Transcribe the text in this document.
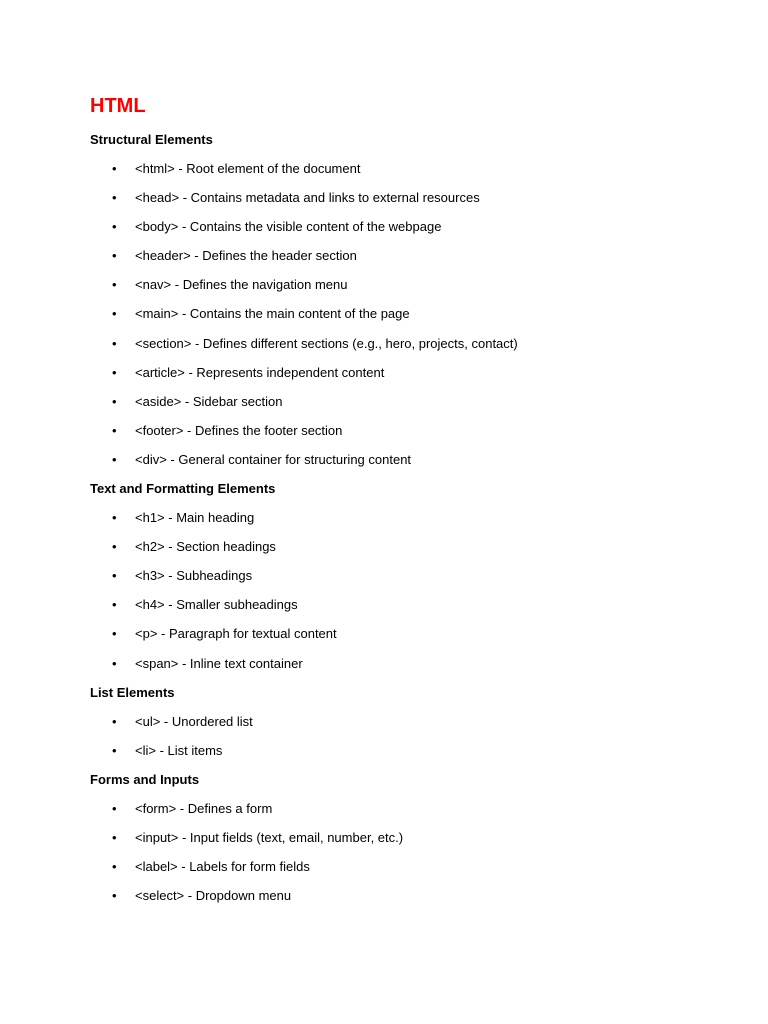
HTML

Structural Elements

• <html> - Root element of the document
• <head> - Contains metadata and links to external resources
• <body> - Contains the visible content of the webpage
• <header> - Defines the header section
• <nav> - Defines the navigation menu
• <main> - Contains the main content of the page
• <section> - Defines different sections (e.g., hero, projects, contact)
• <article> - Represents independent content
• <aside> - Sidebar section
• <footer> - Defines the footer section
• <div> - General container for structuring content

Text and Formatting Elements

• <h1> - Main heading
• <h2> - Section headings
• <h3> - Subheadings
• <h4> - Smaller subheadings
• <p> - Paragraph for textual content
• <span> - Inline text container

List Elements

• <ul> - Unordered list
• <li> - List items

Forms and Inputs

• <form> - Defines a form
• <input> - Input fields (text, email, number, etc.)
• <label> - Labels for form fields
• <select> - Dropdown menu
